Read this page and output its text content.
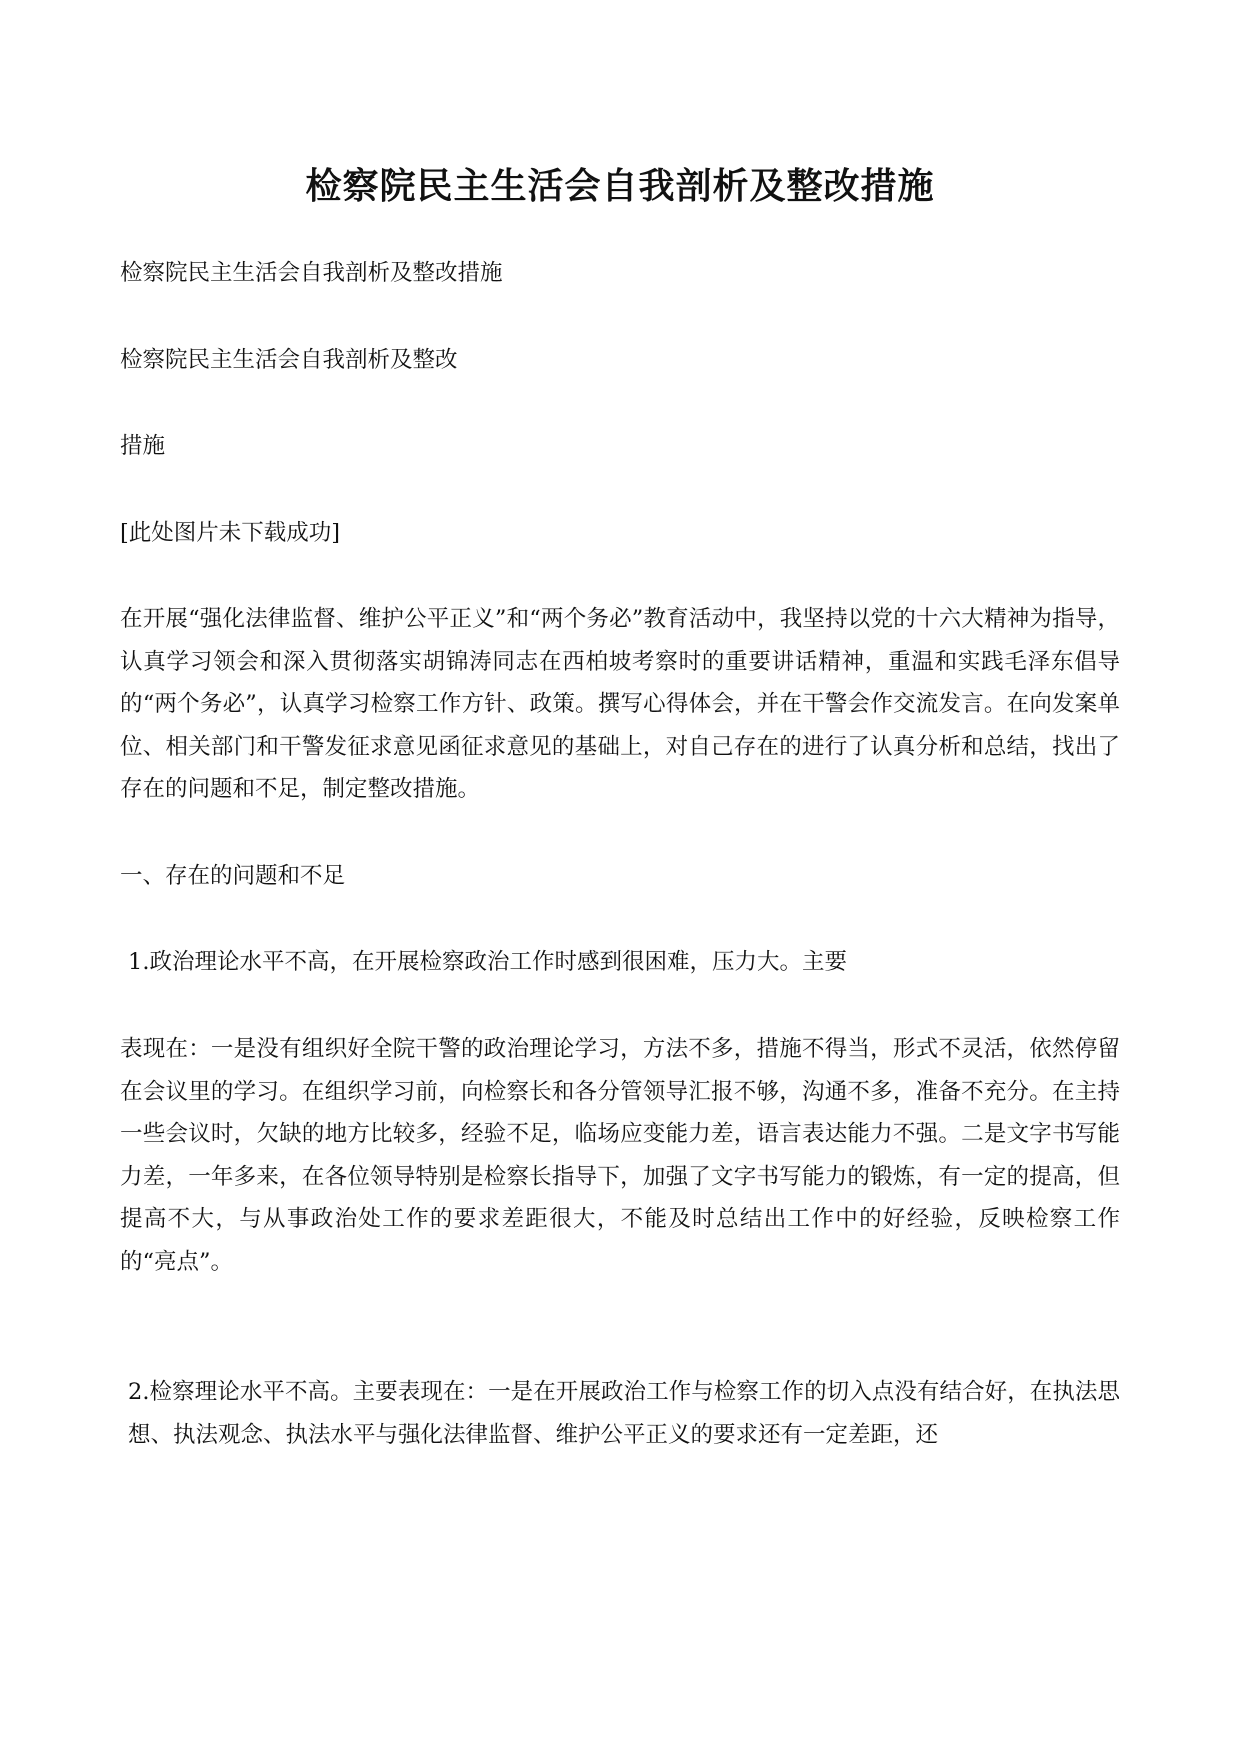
检察院民主生活会自我剖析及整改措施

检察院民主生活会自我剖析及整改措施

检察院民主生活会自我剖析及整改

措施

[此处图片未下载成功]

在开展“强化法律监督、维护公平正义”和“两个务必”教育活动中，我坚持以党的十六大精神为指导，认真学习领会和深入贯彻落实胡锦涛同志在西柏坡考察时的重要讲话精神，重温和实践毛泽东倡导的“两个务必”，认真学习检察工作方针、政策。撰写心得体会，并在干警会作交流发言。在向发案单位、相关部门和干警发征求意见函征求意见的基础上，对自己存在的进行了认真分析和总结，找出了存在的问题和不足，制定整改措施。

一、存在的问题和不足

1.政治理论水平不高，在开展检察政治工作时感到很困难，压力大。主要

表现在：一是没有组织好全院干警的政治理论学习，方法不多，措施不得当，形式不灵活，依然停留在会议里的学习。在组织学习前，向检察长和各分管领导汇报不够，沟通不多，准备不充分。在主持一些会议时，欠缺的地方比较多，经验不足，临场应变能力差，语言表达能力不强。二是文字书写能力差，一年多来，在各位领导特别是检察长指导下，加强了文字书写能力的锻炼，有一定的提高，但提高不大，与从事政治处工作的要求差距很大，不能及时总结出工作中的好经验，反映检察工作的“亮点”。

2.检察理论水平不高。主要表现在：一是在开展政治工作与检察工作的切入点没有结合好，在执法思想、执法观念、执法水平与强化法律监督、维护公平正义的要求还有一定差距，还
